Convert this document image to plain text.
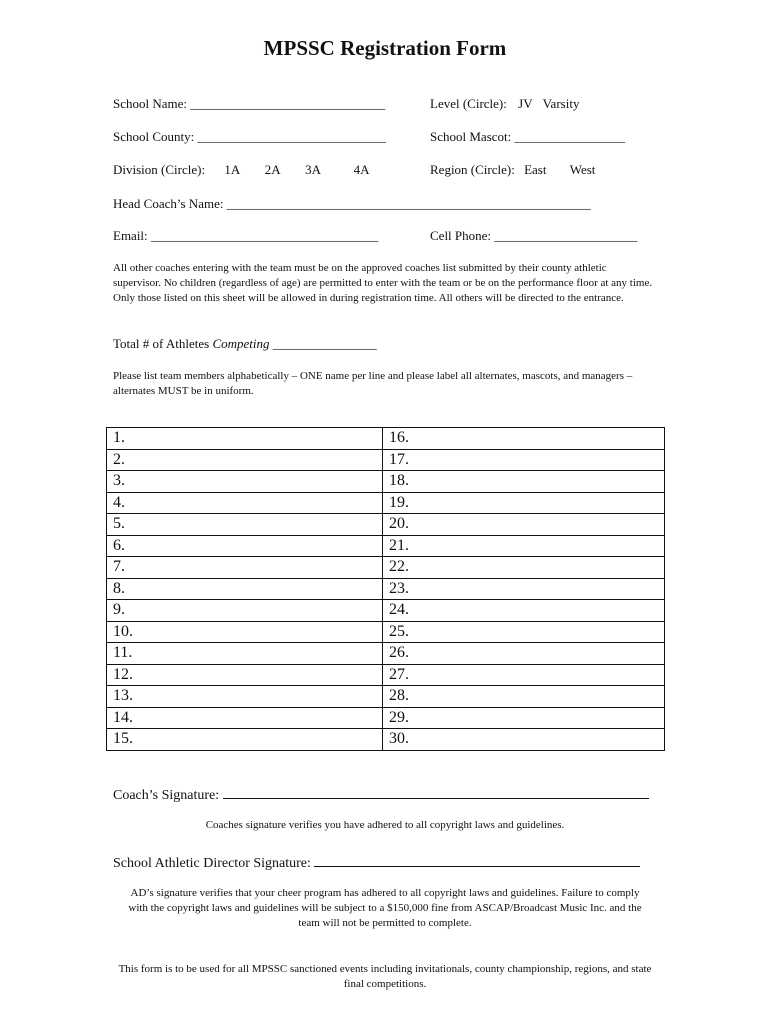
MPSSC Registration Form
School Name: ______________________________	Level (Circle): JV Varsity
School County: _____________________________	School Mascot: _________________
Division (Circle): 1A 2A 3A	4A	Region (Circle): East West
Head Coach’s Name: ________________________________________________________
Email: ___________________________________	Cell Phone: ______________________
All other coaches entering with the team must be on the approved coaches list submitted by their county athletic supervisor. No children (regardless of age) are permitted to enter with the team or be on the performance floor at any time. Only those listed on this sheet will be allowed in during registration time. All others will be directed to the entrance.
Total # of Athletes Competing ________________
Please list team members alphabetically – ONE name per line and please label all alternates, mascots, and managers – alternates MUST be in uniform.
1.	16.
2.	17.
3.	18.
4.	19.
5.	20.
6.	21.
7.	22.
8.	23.
9.	24.
10.	25.
11.	26.
12.	27.
13.	28.
14.	29.
15.	30.
Coach’s Signature:
Coaches signature verifies you have adhered to all copyright laws and guidelines.
School Athletic Director Signature:
AD’s signature verifies that your cheer program has adhered to all copyright laws and guidelines. Failure to comply with the copyright laws and guidelines will be subject to a $150,000 fine from ASCAP/Broadcast Music Inc. and the team will not be permitted to complete.
This form is to be used for all MPSSC sanctioned events including invitationals, county championship, regions, and state final competitions.
